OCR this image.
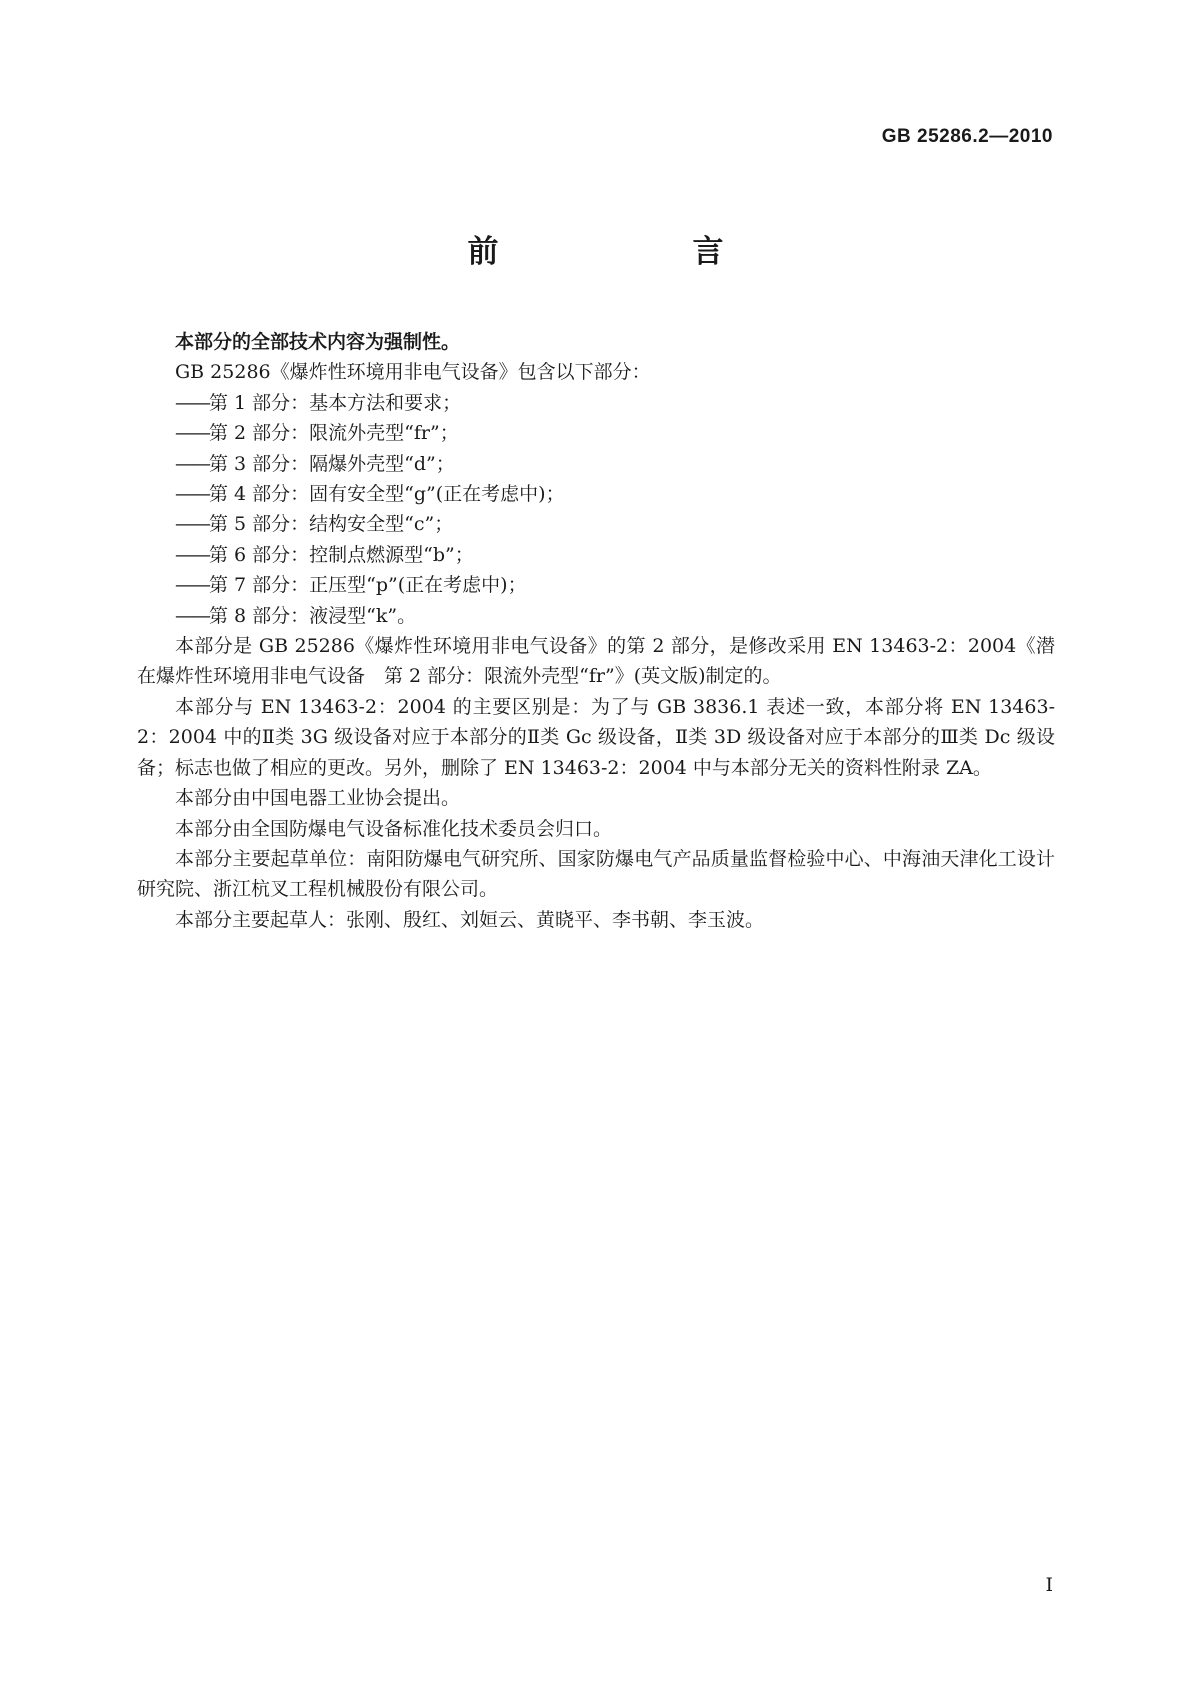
GB 25286.2—2010
前　　言

本部分的全部技术内容为强制性。

GB 25286《爆炸性环境用非电气设备》包含以下部分：

——第 1 部分：基本方法和要求；
——第 2 部分：限流外壳型“fr”；
——第 3 部分：隔爆外壳型“d”；
——第 4 部分：固有安全型“g”(正在考虑中)；
——第 5 部分：结构安全型“c”；
——第 6 部分：控制点燃源型“b”；
——第 7 部分：正压型“p”(正在考虑中)；
——第 8 部分：液浸型“k”。

本部分是 GB 25286《爆炸性环境用非电气设备》的第 2 部分，是修改采用 EN 13463-2：2004《潜在爆炸性环境用非电气设备　第 2 部分：限流外壳型“fr”》(英文版)制定的。

本部分与 EN 13463-2：2004 的主要区别是：为了与 GB 3836.1 表述一致，本部分将 EN 13463-2：2004 中的Ⅱ类 3G 级设备对应于本部分的Ⅱ类 Gc 级设备，Ⅱ类 3D 级设备对应于本部分的Ⅲ类 Dc 级设备；标志也做了相应的更改。另外，删除了 EN 13463-2：2004 中与本部分无关的资料性附录 ZA。

本部分由中国电器工业协会提出。

本部分由全国防爆电气设备标准化技术委员会归口。

本部分主要起草单位：南阳防爆电气研究所、国家防爆电气产品质量监督检验中心、中海油天津化工设计研究院、浙江杭叉工程机械股份有限公司。

本部分主要起草人：张刚、殷红、刘姮云、黄晓平、李书朝、李玉波。

I
